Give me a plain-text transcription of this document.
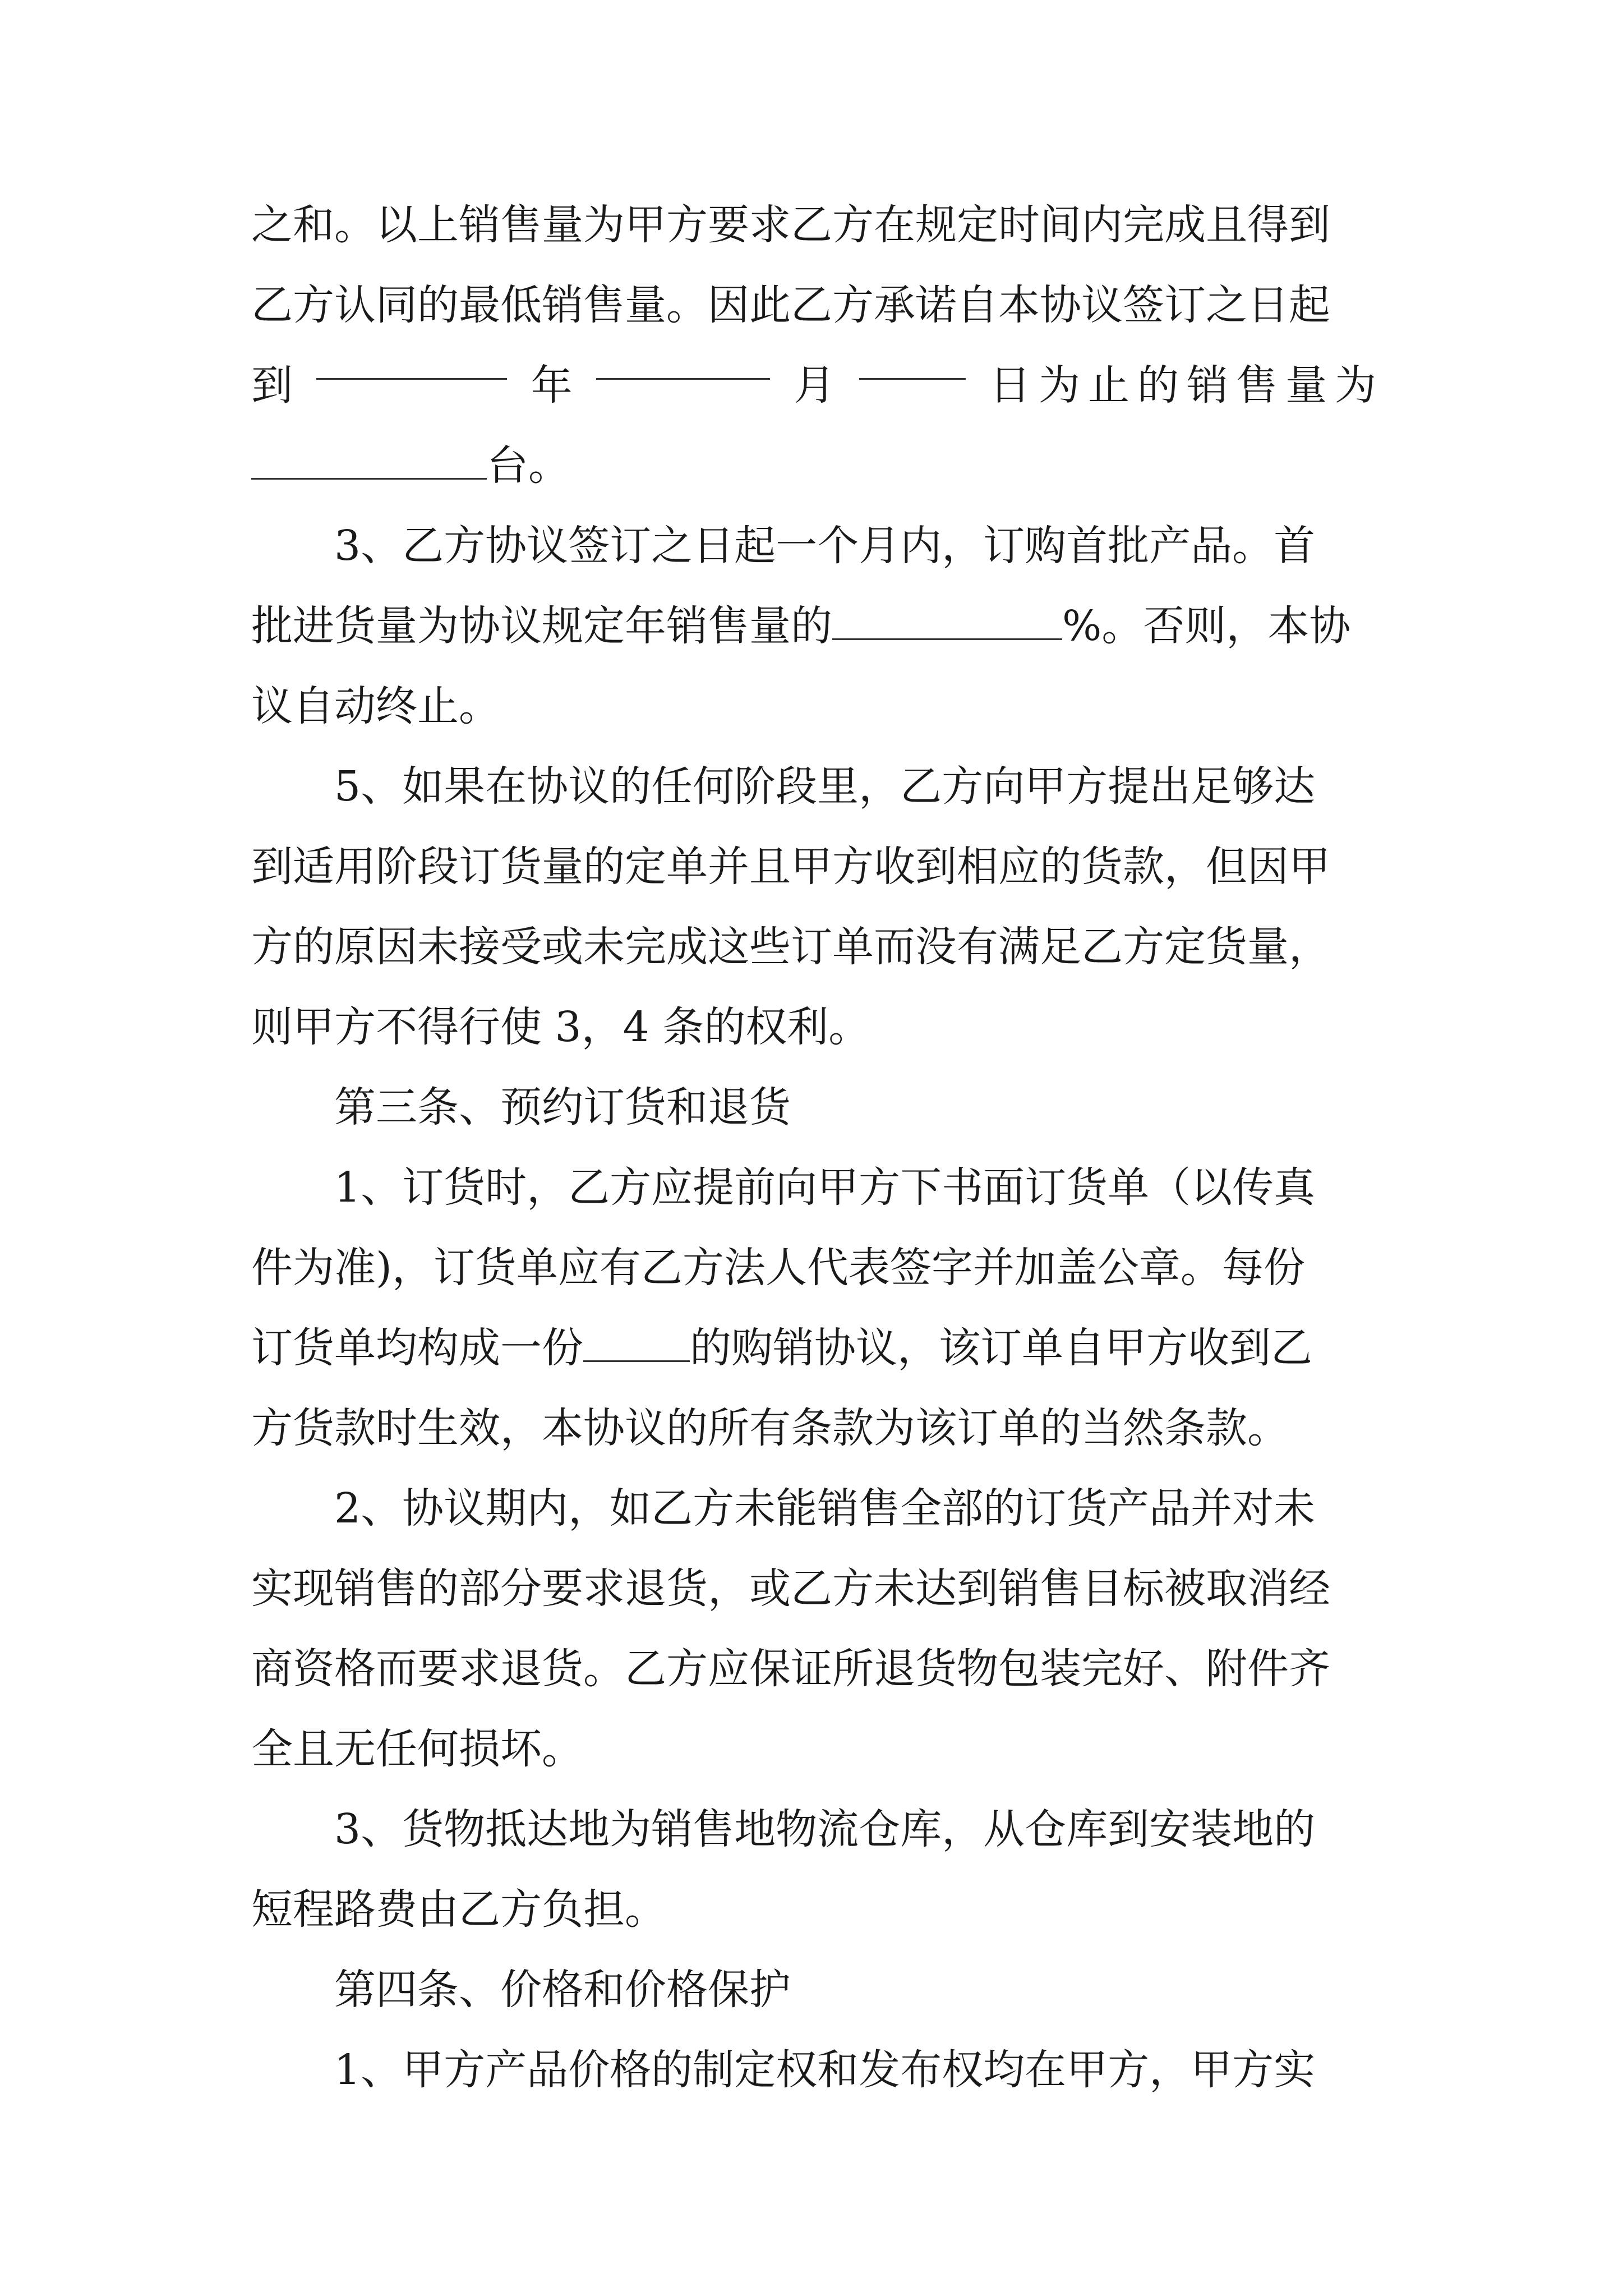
之和。以上销售量为甲方要求乙方在规定时间内完成且得到
乙方认同的最低销售量。因此乙方承诺自本协议签订之日起
到	年	月	日为止的销售量为
台。
3、乙方协议签订之日起一个月内，订购首批产品。首
批进货量为协议规定年销售量的	%。否则，本协
议自动终止。
5、如果在协议的任何阶段里，乙方向甲方提出足够达
到适用阶段订货量的定单并且甲方收到相应的货款，但因甲
方的原因未接受或未完成这些订单而没有满足乙方定货量，
则甲方不得行使 3，4 条的权利。
第三条、预约订货和退货
1、订货时，乙方应提前向甲方下书面订货单（以传真
件为准)，订货单应有乙方法人代表签字并加盖公章。每份
订货单均构成一份	的购销协议，该订单自甲方收到乙
方货款时生效，本协议的所有条款为该订单的当然条款。
2、协议期内，如乙方未能销售全部的订货产品并对未
实现销售的部分要求退货，或乙方未达到销售目标被取消经
商资格而要求退货。乙方应保证所退货物包装完好、附件齐
全且无任何损坏。
3、货物抵达地为销售地物流仓库，从仓库到安装地的
短程路费由乙方负担。
第四条、价格和价格保护
1、甲方产品价格的制定权和发布权均在甲方，甲方实
